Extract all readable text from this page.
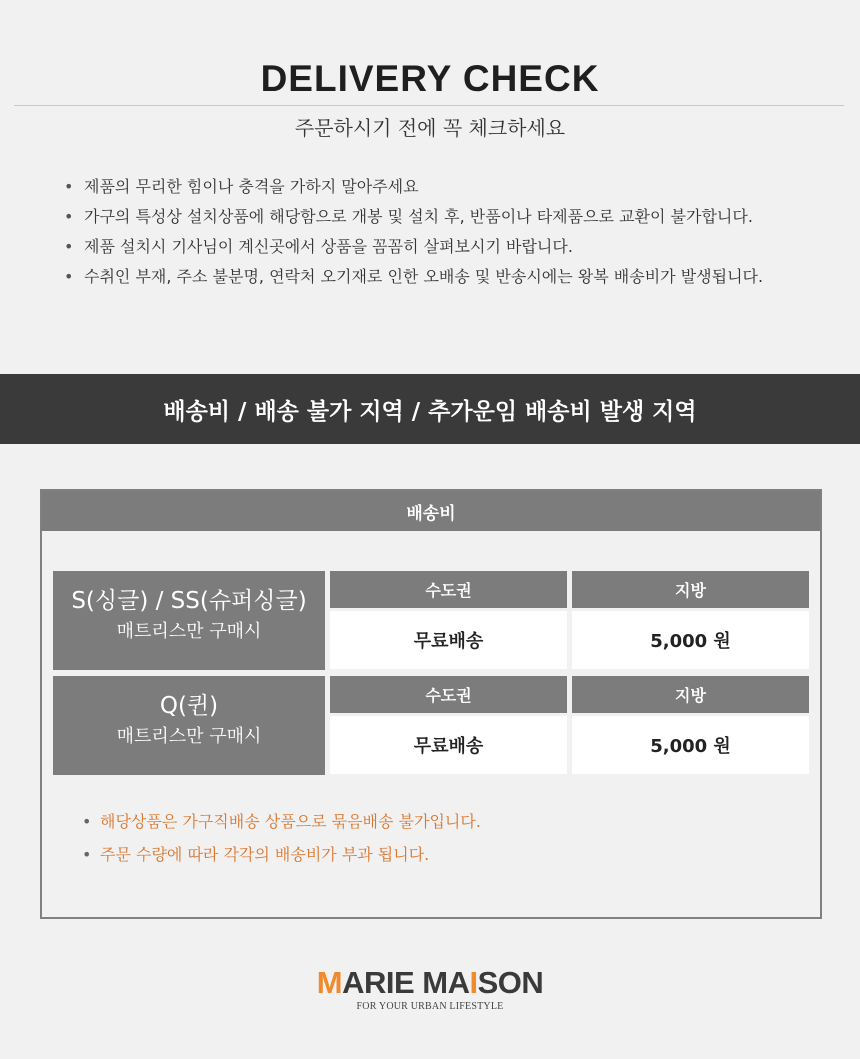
DELIVERY CHECK
주문하시기 전에 꼭 체크하세요
• 제품의 무리한 힘이나 충격을 가하지 말아주세요
• 가구의 특성상 설치상품에 해당함으로 개봉 및 설치 후, 반품이나 타제품으로 교환이 불가합니다.
• 제품 설치시 기사님이 계신곳에서 상품을 꼼꼼히 살펴보시기 바랍니다.
• 수취인 부재, 주소 불분명, 연락처 오기재로 인한 오배송 및 반송시에는 왕복 배송비가 발생됩니다.
배송비 / 배송 불가 지역 / 추가운임 배송비 발생 지역
배송비
S(싱글) / SS(슈퍼싱글)
매트리스만 구매시
수도권	지방
무료배송	5,000 원
Q(퀸)
매트리스만 구매시
수도권	지방
무료배송	5,000 원
• 해당상품은 가구직배송 상품으로 묶음배송 불가입니다.
• 주문 수량에 따라 각각의 배송비가 부과 됩니다.
MARIE MAISON
FOR YOUR URBAN LIFESTYLE
